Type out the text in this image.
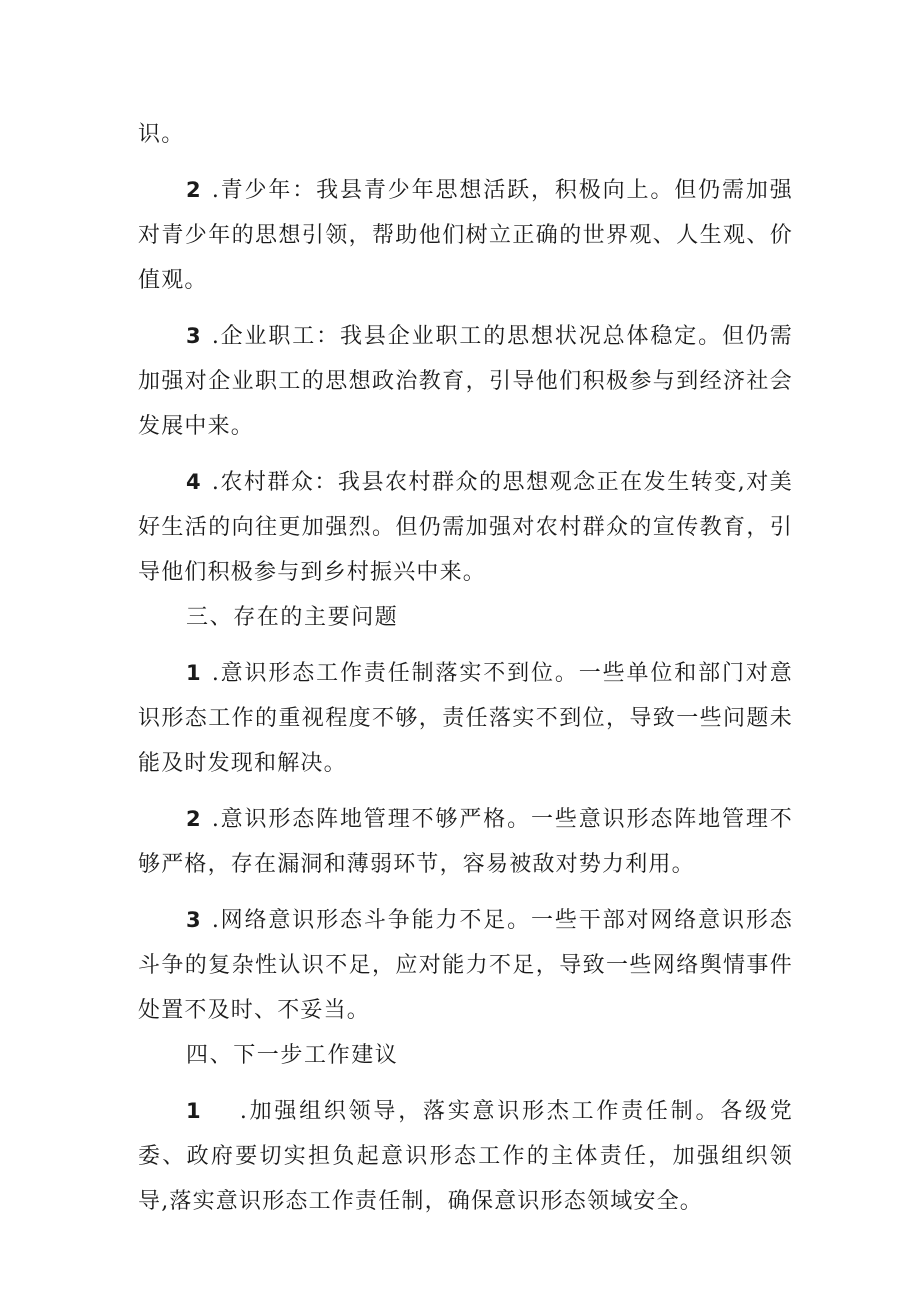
识。

2 .青少年：我县青少年思想活跃，积极向上。但仍需加强对青少年的思想引领，帮助他们树立正确的世界观、人生观、价值观。

3 .企业职工：我县企业职工的思想状况总体稳定。但仍需加强对企业职工的思想政治教育，引导他们积极参与到经济社会发展中来。

4 .农村群众：我县农村群众的思想观念正在发生转变,对美好生活的向往更加强烈。但仍需加强对农村群众的宣传教育，引导他们积极参与到乡村振兴中来。

三、存在的主要问题

1 .意识形态工作责任制落实不到位。一些单位和部门对意识形态工作的重视程度不够，责任落实不到位，导致一些问题未能及时发现和解决。

2 .意识形态阵地管理不够严格。一些意识形态阵地管理不够严格，存在漏洞和薄弱环节，容易被敌对势力利用。

3 .网络意识形态斗争能力不足。一些干部对网络意识形态斗争的复杂性认识不足，应对能力不足，导致一些网络舆情事件处置不及时、不妥当。

四、下一步工作建议

1 .加强组织领导，落实意识形杰工作责任制。各级党委、政府要切实担负起意识形态工作的主体责任，加强组织领导,落实意识形态工作责任制，确保意识形态领域安全。
